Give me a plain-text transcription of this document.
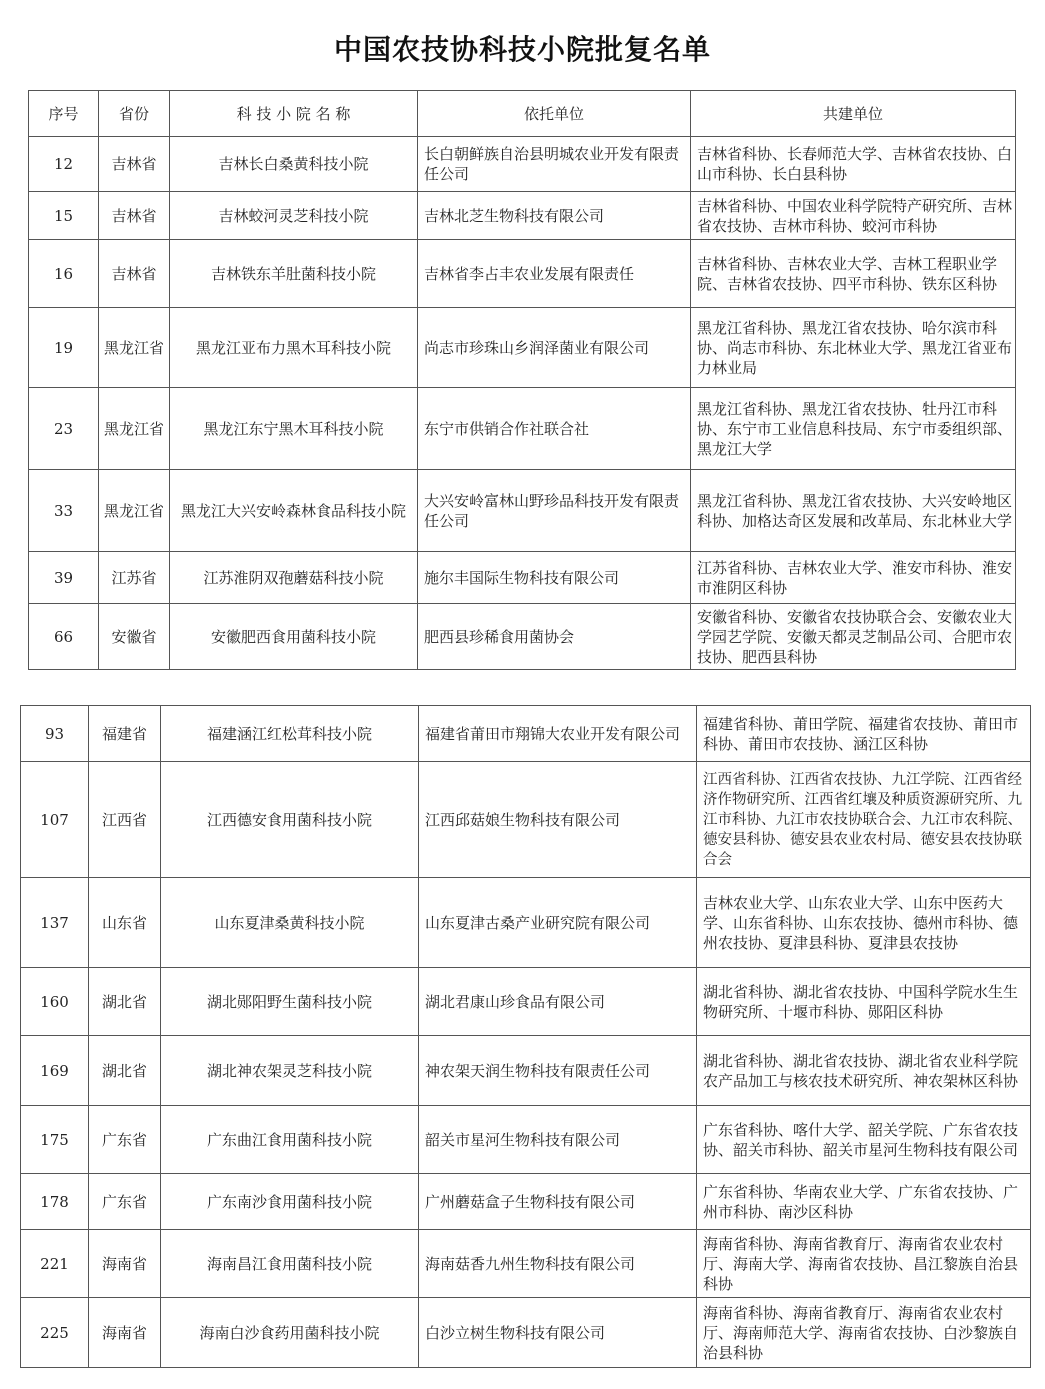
中国农技协科技小院批复名单
序号	省份	科 技 小 院 名 称	依托单位	共建单位
12	吉林省	吉林长白桑黄科技小院	长白朝鲜族自治县明城农业开发有限责任公司	吉林省科协、长春师范大学、吉林省农技协、白山市科协、长白县科协
15	吉林省	吉林蛟河灵芝科技小院	吉林北芝生物科技有限公司	吉林省科协、中国农业科学院特产研究所、吉林省农技协、吉林市科协、蛟河市科协
16	吉林省	吉林铁东羊肚菌科技小院	吉林省李占丰农业发展有限责任	吉林省科协、吉林农业大学、吉林工程职业学院、吉林省农技协、四平市科协、铁东区科协
19	黑龙江省	黑龙江亚布力黑木耳科技小院	尚志市珍珠山乡润泽菌业有限公司	黑龙江省科协、黑龙江省农技协、哈尔滨市科协、尚志市科协、东北林业大学、黑龙江省亚布力林业局
23	黑龙江省	黑龙江东宁黑木耳科技小院	东宁市供销合作社联合社	黑龙江省科协、黑龙江省农技协、牡丹江市科协、东宁市工业信息科技局、东宁市委组织部、黑龙江大学
33	黑龙江省	黑龙江大兴安岭森林食品科技小院	大兴安岭富林山野珍品科技开发有限责任公司	黑龙江省科协、黑龙江省农技协、大兴安岭地区科协、加格达奇区发展和改革局、东北林业大学
39	江苏省	江苏淮阴双孢蘑菇科技小院	施尔丰国际生物科技有限公司	江苏省科协、吉林农业大学、淮安市科协、淮安市淮阴区科协
66	安徽省	安徽肥西食用菌科技小院	肥西县珍稀食用菌协会	安徽省科协、安徽省农技协联合会、安徽农业大学园艺学院、安徽天都灵芝制品公司、合肥市农技协、肥西县科协
93	福建省	福建涵江红松茸科技小院	福建省莆田市翔锦大农业开发有限公司	福建省科协、莆田学院、福建省农技协、莆田市科协、莆田市农技协、涵江区科协
107	江西省	江西德安食用菌科技小院	江西邱菇娘生物科技有限公司	江西省科协、江西省农技协、九江学院、江西省经济作物研究所、江西省红壤及种质资源研究所、九江市科协、九江市农技协联合会、九江市农科院、德安县科协、德安县农业农村局、德安县农技协联合会
137	山东省	山东夏津桑黄科技小院	山东夏津古桑产业研究院有限公司	吉林农业大学、山东农业大学、山东中医药大学、山东省科协、山东农技协、德州市科协、德州农技协、夏津县科协、夏津县农技协
160	湖北省	湖北郧阳野生菌科技小院	湖北君康山珍食品有限公司	湖北省科协、湖北省农技协、中国科学院水生生物研究所、十堰市科协、郧阳区科协
169	湖北省	湖北神农架灵芝科技小院	神农架天润生物科技有限责任公司	湖北省科协、湖北省农技协、湖北省农业科学院农产品加工与核农技术研究所、神农架林区科协
175	广东省	广东曲江食用菌科技小院	韶关市星河生物科技有限公司	广东省科协、喀什大学、韶关学院、广东省农技协、韶关市科协、韶关市星河生物科技有限公司
178	广东省	广东南沙食用菌科技小院	广州蘑菇盒子生物科技有限公司	广东省科协、华南农业大学、广东省农技协、广州市科协、南沙区科协
221	海南省	海南昌江食用菌科技小院	海南菇香九州生物科技有限公司	海南省科协、海南省教育厅、海南省农业农村厅、海南大学、海南省农技协、昌江黎族自治县科协
225	海南省	海南白沙食药用菌科技小院	白沙立树生物科技有限公司	海南省科协、海南省教育厅、海南省农业农村厅、海南师范大学、海南省农技协、白沙黎族自治县科协
